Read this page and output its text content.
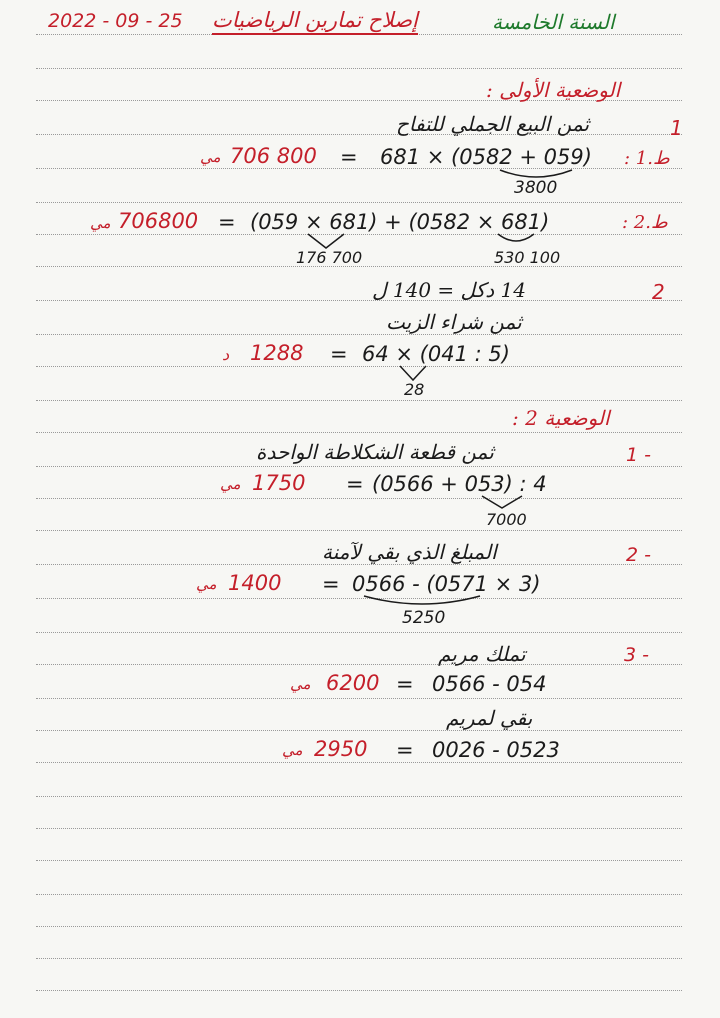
2022 - 09 - 25 إصلاح تمارين الرياضيات	السنة الخامسة
الوضعية الأولى :
1
ثمن البيع الجملي للتفاح
ط.1 :
(950 + 2850) × 186
=
706 800
مي
3800
ط.2 :
(186 × 2850) + (186 × 950)
=
706800
مي
176 700	530 100
2
14 دكل = 140 ل
ثمن شراء الزيت
(5 : 140) × 46
=
1288
د
28
الوضعية 2 :
1 -
ثمن قطعة الشكلاطة الواحدة
4 : (350 + 6650)
=
1750
مي
7000
2 -
المبلغ الذي بقي لآمنة
(3 × 1750) - 6650
=
1400
مي
5250
3 -
تملك مريم
450 - 6650
=
6200
مي
بقي لمريم
3250 - 6200
=
2950
مي
